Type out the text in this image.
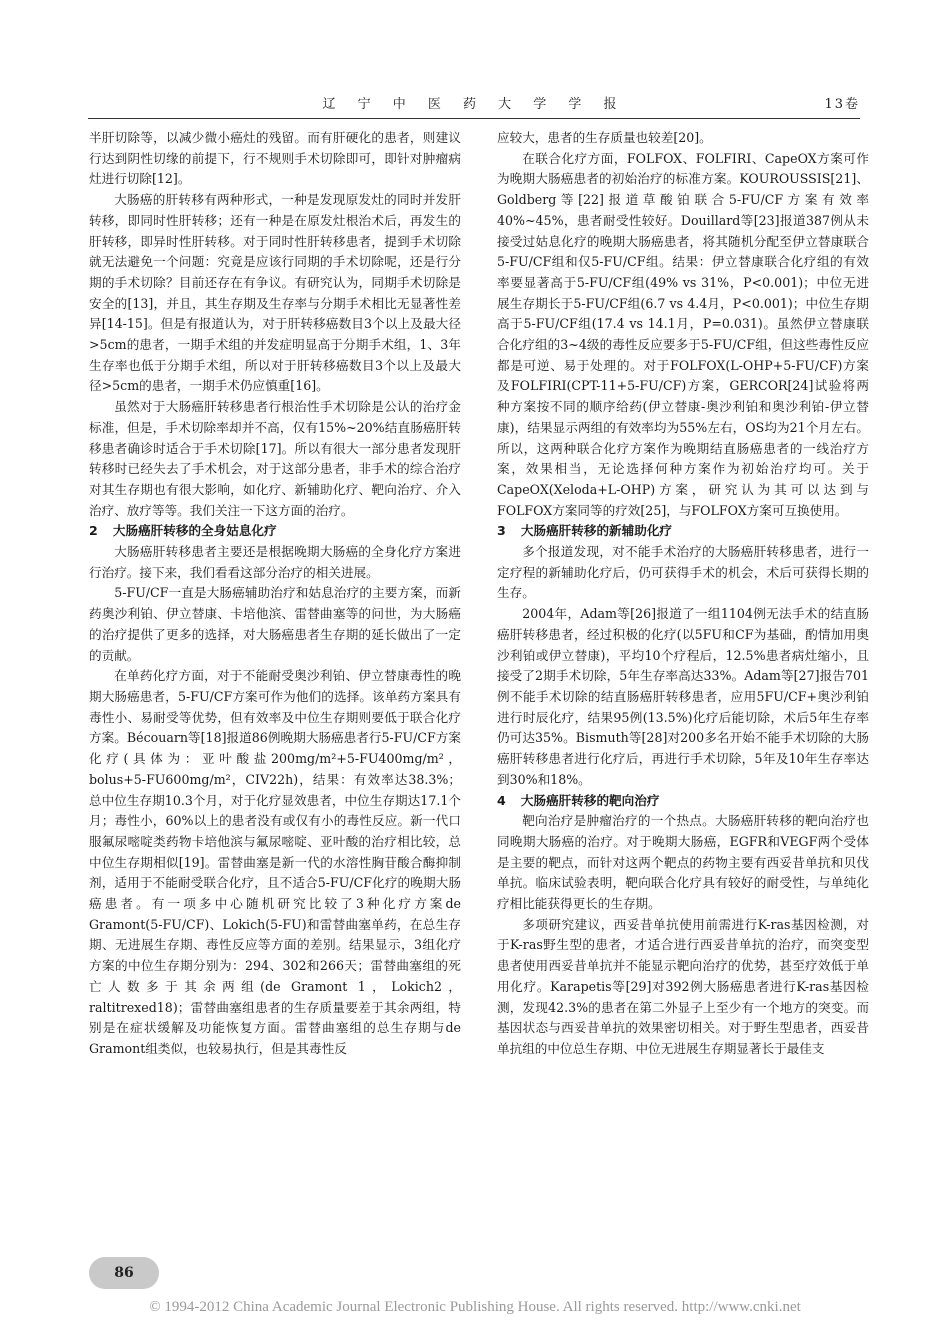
辽 宁 中 医 药 大 学 学 报	13卷

半肝切除等，以减少微小癌灶的残留。而有肝硬化的患者，则建议行达到阴性切缘的前提下，行不规则手术切除即可，即针对肿瘤病灶进行切除[12]。

大肠癌的肝转移有两种形式，一种是发现原发灶的同时并发肝转移，即同时性肝转移；还有一种是在原发灶根治术后，再发生的肝转移，即异时性肝转移。对于同时性肝转移患者，提到手术切除就无法避免一个问题：究竟是应该行同期的手术切除呢，还是行分期的手术切除？目前还存在有争议。有研究认为，同期手术切除是安全的[13]，并且，其生存期及生存率与分期手术相比无显著性差异[14-15]。但是有报道认为，对于肝转移癌数目3个以上及最大径>5cm的患者，一期手术组的并发症明显高于分期手术组，1、3年生存率也低于分期手术组，所以对于肝转移癌数目3个以上及最大径>5cm的患者，一期手术仍应慎重[16]。

虽然对于大肠癌肝转移患者行根治性手术切除是公认的治疗金标准，但是，手术切除率却并不高，仅有15%~20%结直肠癌肝转移患者确诊时适合于手术切除[17]。所以有很大一部分患者发现肝转移时已经失去了手术机会，对于这部分患者，非手术的综合治疗对其生存期也有很大影响，如化疗、新辅助化疗、靶向治疗、介入治疗、放疗等等。我们关注一下这方面的治疗。

2 大肠癌肝转移的全身姑息化疗

大肠癌肝转移患者主要还是根据晚期大肠癌的全身化疗方案进行治疗。接下来，我们看看这部分治疗的相关进展。

5-FU/CF一直是大肠癌辅助治疗和姑息治疗的主要方案，而新药奥沙利铂、伊立替康、卡培他滨、雷替曲塞等的问世，为大肠癌的治疗提供了更多的选择，对大肠癌患者生存期的延长做出了一定的贡献。

在单药化疗方面，对于不能耐受奥沙利铂、伊立替康毒性的晚期大肠癌患者，5-FU/CF方案可作为他们的选择。该单药方案具有毒性小、易耐受等优势，但有效率及中位生存期则要低于联合化疗方案。Bécouarn等[18]报道86例晚期大肠癌患者行5-FU/CF方案化疗(具体为：亚叶酸盐200mg/m²+5-FU400mg/m²，bolus+5-FU600mg/m²，CIV22h)，结果：有效率达38.3%；总中位生存期10.3个月，对于化疗显效患者，中位生存期达17.1个月；毒性小，60%以上的患者没有或仅有小的毒性反应。新一代口服氟尿嘧啶类药物卡培他滨与氟尿嘧啶、亚叶酸的治疗相比较，总中位生存期相似[19]。雷替曲塞是新一代的水溶性胸苷酸合酶抑制剂，适用于不能耐受联合化疗，且不适合5-FU/CF化疗的晚期大肠癌患者。有一项多中心随机研究比较了3种化疗方案de Gramont(5-FU/CF)、Lokich(5-FU)和雷替曲塞单药，在总生存期、无进展生存期、毒性反应等方面的差别。结果显示，3组化疗方案的中位生存期分别为：294、302和266天；雷替曲塞组的死亡人数多于其余两组(de Gramont 1，Lokich2，raltitrexed18)；雷替曲塞组患者的生存质量要差于其余两组，特别是在症状缓解及功能恢复方面。雷替曲塞组的总生存期与de Gramont组类似，也较易执行，但是其毒性反

应较大，患者的生存质量也较差[20]。

在联合化疗方面，FOLFOX、FOLFIRI、CapeOX方案可作为晚期大肠癌患者的初始治疗的标准方案。KOUROUSSIS[21]、Goldberg等[22]报道草酸铂联合5-FU/CF方案有效率40%~45%，患者耐受性较好。Douillard等[23]报道387例从未接受过姑息化疗的晚期大肠癌患者，将其随机分配至伊立替康联合5-FU/CF组和仅5-FU/CF组。结果：伊立替康联合化疗组的有效率要显著高于5-FU/CF组(49% vs 31%，P<0.001)；中位无进展生存期长于5-FU/CF组(6.7 vs 4.4月，P<0.001)；中位生存期高于5-FU/CF组(17.4 vs 14.1月，P=0.031)。虽然伊立替康联合化疗组的3~4级的毒性反应要多于5-FU/CF组，但这些毒性反应都是可逆、易于处理的。对于FOLFOX(L-OHP+5-FU/CF)方案及FOLFIRI(CPT-11+5-FU/CF)方案，GERCOR[24]试验将两种方案按不同的顺序给药(伊立替康-奥沙利铂和奥沙利铂-伊立替康)，结果显示两组的有效率均为55%左右，OS均为21个月左右。所以，这两种联合化疗方案作为晚期结直肠癌患者的一线治疗方案，效果相当，无论选择何种方案作为初始治疗均可。关于CapeOX(Xeloda+L-OHP)方案，研究认为其可以达到与FOLFOX方案同等的疗效[25]，与FOLFOX方案可互换使用。

3 大肠癌肝转移的新辅助化疗

多个报道发现，对不能手术治疗的大肠癌肝转移患者，进行一定疗程的新辅助化疗后，仍可获得手术的机会，术后可获得长期的生存。

2004年，Adam等[26]报道了一组1104例无法手术的结直肠癌肝转移患者，经过积极的化疗(以5FU和CF为基础，酌情加用奥沙利铂或伊立替康)，平均10个疗程后，12.5%患者病灶缩小，且接受了2期手术切除，5年生存率高达33%。Adam等[27]报告701例不能手术切除的结直肠癌肝转移患者，应用5FU/CF+奥沙利铂进行时辰化疗，结果95例(13.5%)化疗后能切除，术后5年生存率仍可达35%。Bismuth等[28]对200多名开始不能手术切除的大肠癌肝转移患者进行化疗后，再进行手术切除，5年及10年生存率达到30%和18%。

4 大肠癌肝转移的靶向治疗

靶向治疗是肿瘤治疗的一个热点。大肠癌肝转移的靶向治疗也同晚期大肠癌的治疗。对于晚期大肠癌，EGFR和VEGF两个受体是主要的靶点，而针对这两个靶点的药物主要有西妥昔单抗和贝伐单抗。临床试验表明，靶向联合化疗具有较好的耐受性，与单纯化疗相比能获得更长的生存期。

多项研究建议，西妥昔单抗使用前需进行K-ras基因检测，对于K-ras野生型的患者，才适合进行西妥昔单抗的治疗，而突变型患者使用西妥昔单抗并不能显示靶向治疗的优势，甚至疗效低于单用化疗。Karapetis等[29]对392例大肠癌患者进行K-ras基因检测，发现42.3%的患者在第二外显子上至少有一个地方的突变。而基因状态与西妥昔单抗的效果密切相关。对于野生型患者，西妥昔单抗组的中位总生存期、中位无进展生存期显著长于最佳支

86
© 1994-2012 China Academic Journal Electronic Publishing House. All rights reserved. http://www.cnki.net
